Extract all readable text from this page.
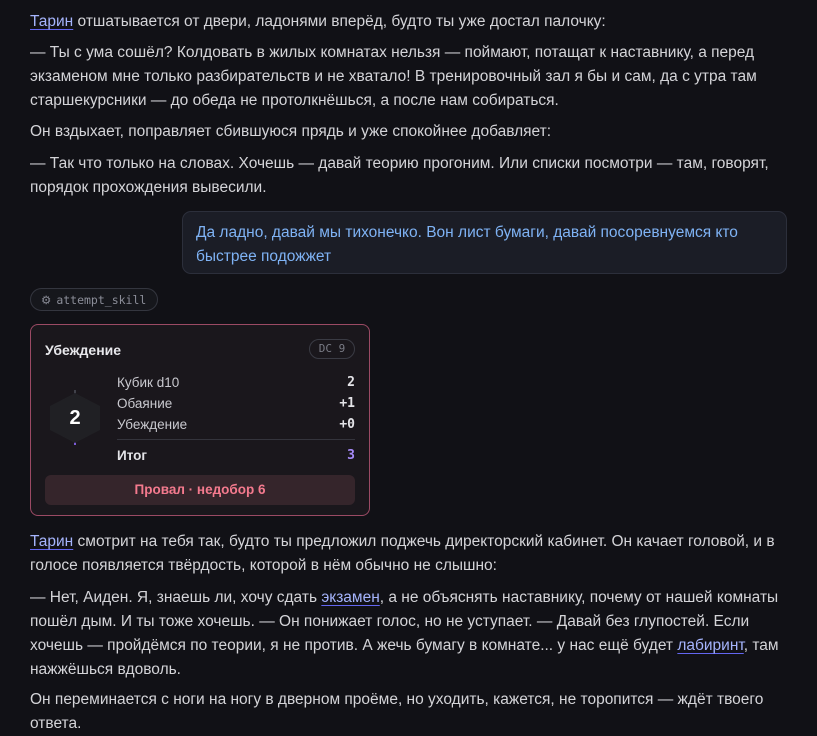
Тарин отшатывается от двери, ладонями вперёд, будто ты уже достал палочку:

— Ты с ума сошёл? Колдовать в жилых комнатах нельзя — поймают, потащат к наставнику, а перед экзаменом мне только разбирательств и не хватало! В тренировочный зал я бы и сам, да с утра там старшекурсники — до обеда не протолкнёшься, а после нам собираться.

Он вздыхает, поправляет сбившуюся прядь и уже спокойнее добавляет:

— Так что только на словах. Хочешь — давай теорию прогоним. Или списки посмотри — там, говорят, порядок прохождения вывесили.

Да ладно, давай мы тихонечко. Вон лист бумаги, давай посоревнуемся кто быстрее подожжет
⚙ attempt_skill
Убеждение	DC 9
2
Кубик d10	2
Обаяние	+1
Убеждение	+0
Итог	3
Провал · недобор 6

Тарин смотрит на тебя так, будто ты предложил поджечь директорский кабинет. Он качает головой, и в голосе появляется твёрдость, которой в нём обычно не слышно:

— Нет, Аиден. Я, знаешь ли, хочу сдать экзамен, а не объяснять наставнику, почему от нашей комнаты пошёл дым. И ты тоже хочешь. — Он понижает голос, но не уступает. — Давай без глупостей. Если хочешь — пройдёмся по теории, я не против. А жечь бумагу в комнате... у нас ещё будет лабиринт, там нажжёшься вдоволь.

Он переминается с ноги на ногу в дверном проёме, но уходить, кажется, не торопится — ждёт твоего ответа.
